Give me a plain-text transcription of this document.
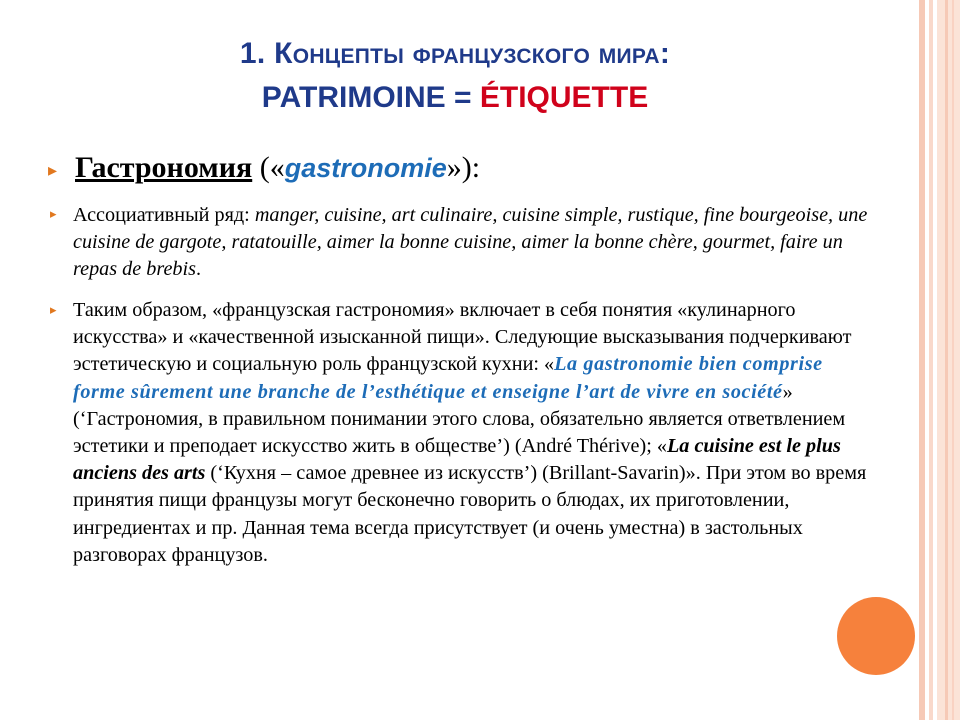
1. Концепты французского мира:
PATRIMOINE = ÉTIQUETTE
▸ Гастрономия («gastronomie»):
▸ Ассоциативный ряд: manger, cuisine, art culinaire, cuisine simple, rustique, fine bourgeoise, une cuisine de gargote, ratatouille, aimer la bonne cuisine, aimer la bonne chère, gourmet, faire un repas de brebis.
▸ Таким образом, «французская гастрономия» включает в себя понятия «кулинарного искусства» и «качественной изысканной пищи». Следующие высказывания подчеркивают эстетическую и социальную роль французской кухни: «La gastronomie bien comprise forme sûrement une branche de l’esthétique et enseigne l’art de vivre en société» (‘Гастрономия, в правильном понимании этого слова, обязательно является ответвлением эстетики и преподает искусство жить в обществе’) (André Thérive); «La cuisine est le plus anciens des arts (‘Кухня – самое древнее из искусств’) (Brillant-Savarin)». При этом во время принятия пищи французы могут бесконечно говорить о блюдах, их приготовлении, ингредиентах и пр. Данная тема всегда присутствует (и очень уместна) в застольных разговорах французов.
